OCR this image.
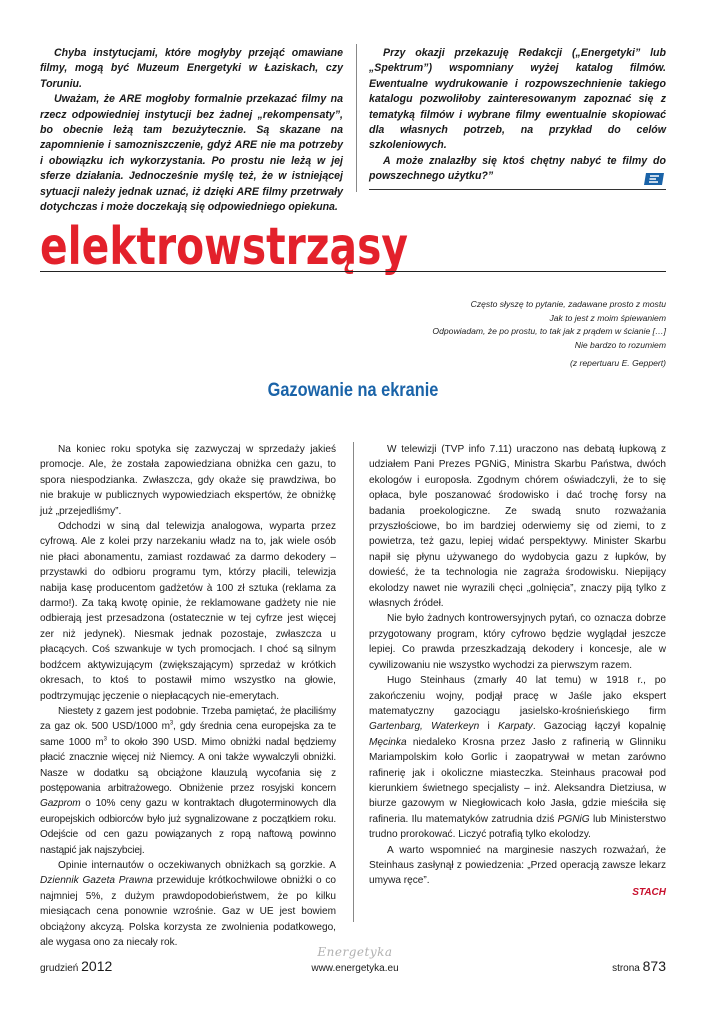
Chyba instytucjami, które mogłyby przejąć omawiane filmy, mogą być Muzeum Energetyki w Łaziskach, czy Toruniu.

Uważam, że ARE mogłoby formalnie przekazać filmy na rzecz odpowiedniej instytucji bez żadnej „rekompensaty”, bo obecnie leżą tam bezużytecznie. Są skazane na zapomnienie i samozniszczenie, gdyż ARE nie ma potrzeby i obowiązku ich wykorzystania. Po prostu nie leżą w jej sferze działania. Jednocześnie myślę też, że w istniejącej sytuacji należy jednak uznać, iż dzięki ARE filmy przetrwały dotychczas i może doczekają się odpowiedniego opiekuna.

Przy okazji przekazuję Redakcji („Energetyki” lub „Spektrum”) wspomniany wyżej katalog filmów. Ewentualne wydrukowanie i rozpowszechnienie takiego katalogu pozwoliłoby zainteresowanym zapoznać się z tematyką filmów i wybrane filmy ewentualnie skopiować dla własnych potrzeb, na przykład do celów szkoleniowych.

A może znalazłby się ktoś chętny nabyć te filmy do powszechnego użytku?”

elektrowstrząsy
Często słyszę to pytanie, zadawane prosto z mostu
Jak to jest z moim śpiewaniem
Odpowiadam, że po prostu, to tak jak z prądem w ścianie […]
Nie bardzo to rozumiem
(z repertuaru E. Geppert)
Gazowanie na ekranie

Na koniec roku spotyka się zazwyczaj w sprzedaży jakieś promocje. Ale, że została zapowiedziana obniżka cen gazu, to spora niespodzianka. Zwłaszcza, gdy okaże się prawdziwa, bo nie brakuje w publicznych wypowiedziach ekspertów, że obniżkę już „przejedliśmy”.

Odchodzi w siną dal telewizja analogowa, wyparta przez cyfrową. Ale z kolei przy narzekaniu władz na to, jak wiele osób nie płaci abonamentu, zamiast rozdawać za darmo dekodery – przystawki do odbioru programu tym, którzy płacili, telewizja nabija kasę producentom gadżetów à 100 zł sztuka (reklama za darmo!). Za taką kwotę opinie, że reklamowane gadżety nie nie odbierają jest przesadzona (ostatecznie w tej cyfrze jest więcej zer niż jedynek). Niesmak jednak pozostaje, zwłaszcza u płacących. Coś szwankuje w tych promocjach. I choć są silnym bodźcem aktywizującym (zwiększającym) sprzedaż w krótkich okresach, to ktoś to postawił mimo wszystko na głowie, podtrzymując jęczenie o niepłacących nie-emerytach.

Niestety z gazem jest podobnie. Trzeba pamiętać, że płaciliśmy za gaz ok. 500 USD/1000 $m^3$, gdy średnia cena europejska za te same 1000 $m^3$ to około 390 USD. Mimo obniżki nadal będziemy płacić znacznie więcej niż Niemcy. A oni także wywalczyli obniżki. Nasze w dodatku są obciążone klauzulą wycofania się z postępowania arbitrażowego. Obniżenie przez rosyjski koncern Gazprom o 10% ceny gazu w kontraktach długoterminowych dla europejskich odbiorców było już sygnalizowane z początkiem roku. Odejście od cen gazu powiązanych z ropą naftową powinno nastąpić jak najszybciej.

Opinie internautów o oczekiwanych obniżkach są gorzkie. A Dziennik Gazeta Prawna przewiduje krótkochwilowe obniżki o co najmniej 5%, z dużym prawdopodobieństwem, że po kilku miesiącach cena ponownie wzrośnie. Gaz w UE jest bowiem obciążony akcyzą. Polska korzysta ze zwolnienia podatkowego, ale wygasa ono za niecały rok.

W telewizji (TVP info 7.11) uraczono nas debatą łupkową z udziałem Pani Prezes PGNiG, Ministra Skarbu Państwa, dwóch ekologów i europosła. Zgodnym chórem oświadczyli, że to się opłaca, byle poszanować środowisko i dać trochę forsy na badania proekologiczne. Ze swadą snuto rozważania przyszłościowe, bo im bardziej oderwiemy się od ziemi, to z powietrza, też gazu, lepiej widać perspektywy. Minister Skarbu napił się płynu używanego do wydobycia gazu z łupków, by dowieść, że ta technologia nie zagraża środowisku. Niepijący ekolodzy nawet nie wyrazili chęci „golnięcia”, znaczy piją tylko z własnych źródeł.

Nie było żadnych kontrowersyjnych pytań, co oznacza dobrze przygotowany program, który cyfrowo będzie wyglądał jeszcze lepiej. Co prawda przeszkadzają dekodery i koncesje, ale w cywilizowaniu nie wszystko wychodzi za pierwszym razem.

Hugo Steinhaus (zmarły 40 lat temu) w 1918 r., po zakończeniu wojny, podjął pracę w Jaśle jako ekspert matematyczny gazociągu jasielsko-krośnieńskiego firm Gartenbarg, Waterkeyn i Karpaty. Gazociąg łączył kopalnię Męcinka niedaleko Krosna przez Jasło z rafinerią w Glinniku Mariampolskim koło Gorlic i zaopatrywał w metan zarówno rafinerię jak i okoliczne miasteczka. Steinhaus pracował pod kierunkiem świetnego specjalisty – inż. Aleksandra Dietziusa, w biurze gazowym w Niegłowicach koło Jasła, gdzie mieściła się rafineria. Ilu matematyków zatrudnia dziś PGNiG lub Ministerstwo trudno prorokować. Liczyć potrafią tylko ekolodzy.

A warto wspomnieć na marginesie naszych rozważań, że Steinhaus zasłynął z powiedzenia: „Przed operacją zawsze lekarz umywa ręce”.

STACH
grudzień 2012
Energetyka
www.energetyka.eu	strona 873
